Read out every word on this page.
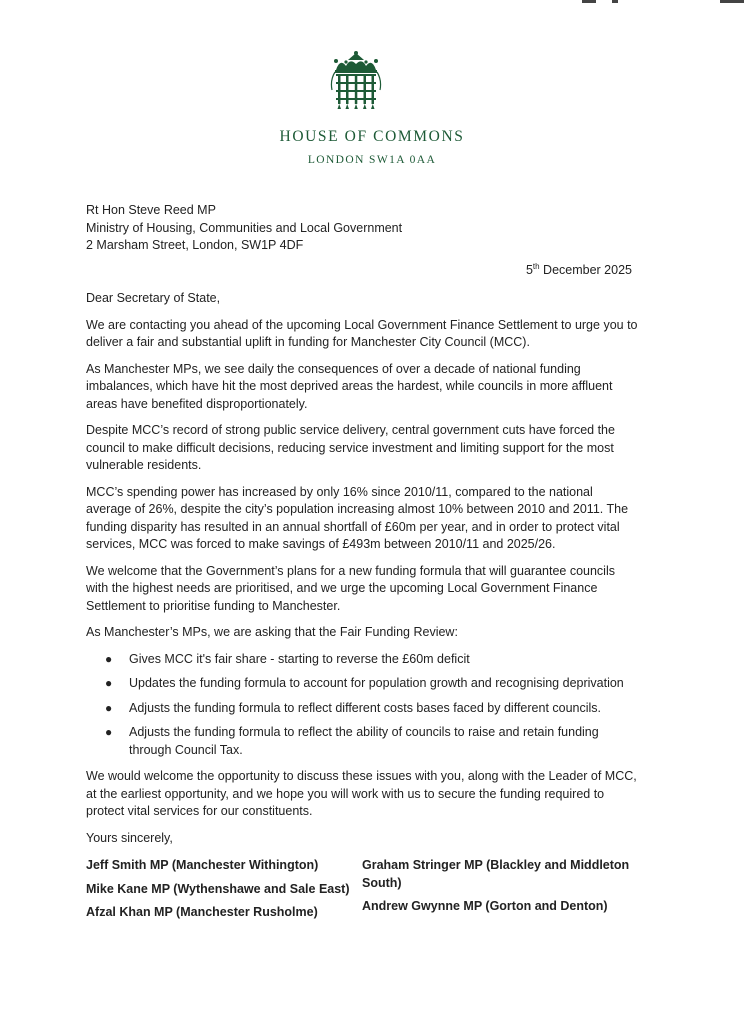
HOUSE OF COMMONS
LONDON SW1A 0AA
Rt Hon Steve Reed MP
Ministry of Housing, Communities and Local Government
2 Marsham Street, London, SW1P 4DF
5th December 2025

Dear Secretary of State,

We are contacting you ahead of the upcoming Local Government Finance Settlement to urge you to deliver a fair and substantial uplift in funding for Manchester City Council (MCC).

As Manchester MPs, we see daily the consequences of over a decade of national funding imbalances, which have hit the most deprived areas the hardest, while councils in more affluent areas have benefited disproportionately.

Despite MCC’s record of strong public service delivery, central government cuts have forced the council to make difficult decisions, reducing service investment and limiting support for the most vulnerable residents.

MCC’s spending power has increased by only 16% since 2010/11, compared to the national average of 26%, despite the city’s population increasing almost 10% between 2010 and 2011. The funding disparity has resulted in an annual shortfall of £60m per year, and in order to protect vital services, MCC was forced to make savings of £493m between 2010/11 and 2025/26.

We welcome that the Government’s plans for a new funding formula that will guarantee councils with the highest needs are prioritised, and we urge the upcoming Local Government Finance Settlement to prioritise funding to Manchester.

As Manchester’s MPs, we are asking that the Fair Funding Review:

● Gives MCC it's fair share - starting to reverse the £60m deficit
● Updates the funding formula to account for population growth and recognising deprivation
● Adjusts the funding formula to reflect different costs bases faced by different councils.
● Adjusts the funding formula to reflect the ability of councils to raise and retain funding through Council Tax.

We would welcome the opportunity to discuss these issues with you, along with the Leader of MCC, at the earliest opportunity, and we hope you will work with us to secure the funding required to protect vital services for our constituents.

Yours sincerely,

Jeff Smith MP (Manchester Withington)
Mike Kane MP (Wythenshawe and Sale East)
Afzal Khan MP (Manchester Rusholme)
Graham Stringer MP (Blackley and Middleton South)
Andrew Gwynne MP (Gorton and Denton)
